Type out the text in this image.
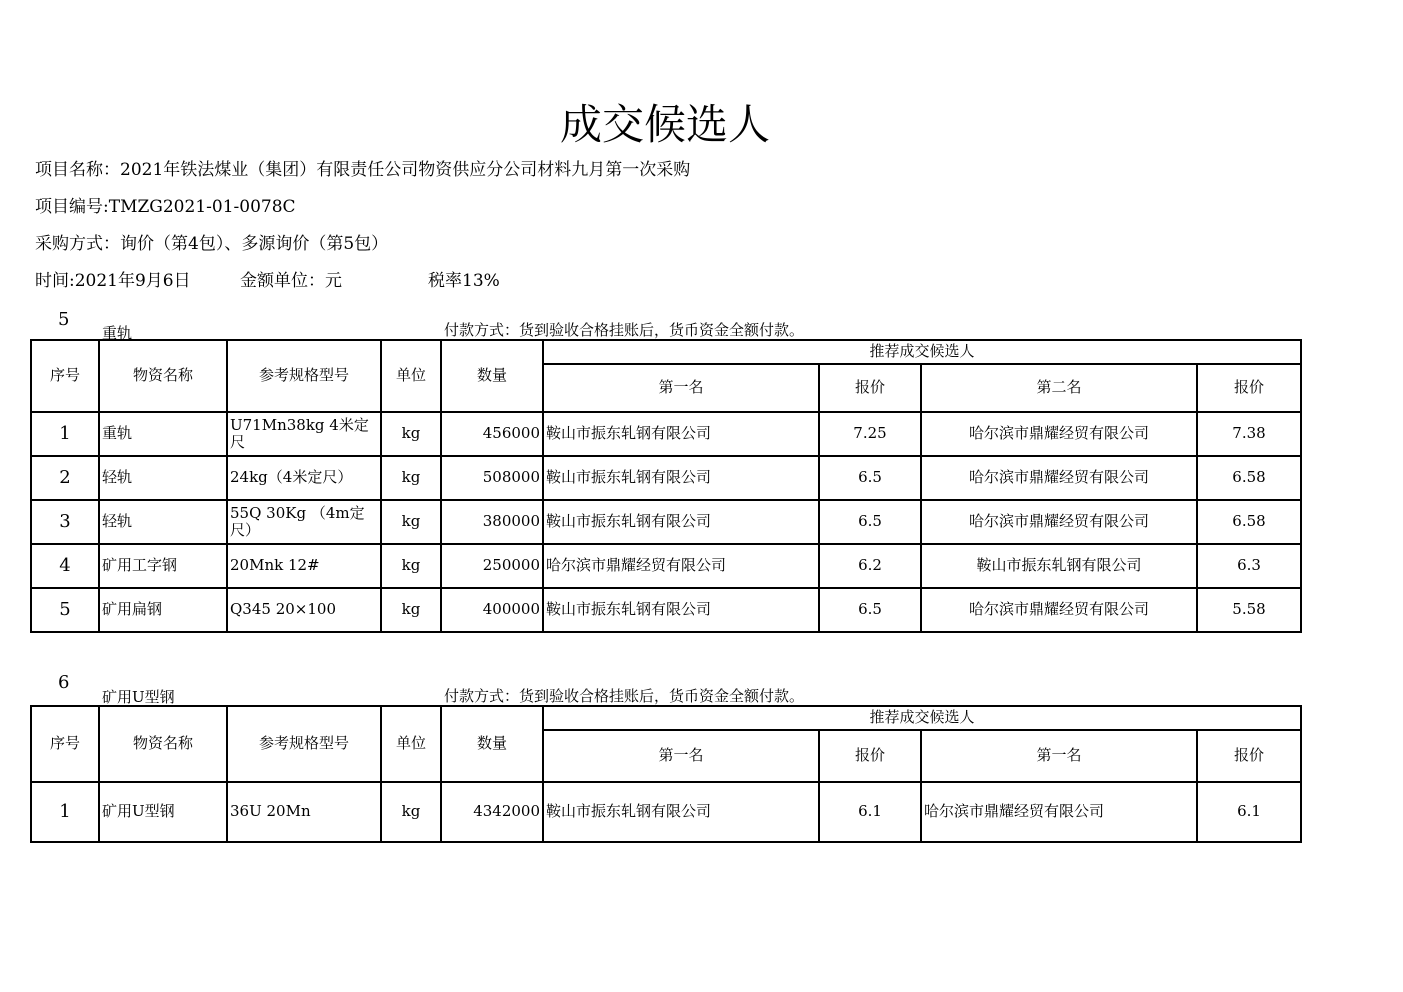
成交候选人
项目名称：2021年铁法煤业（集团）有限责任公司物资供应分公司材料九月第一次采购
项目编号:TMZG2021-01-0078C
采购方式：询价（第4包）、多源询价（第5包）
时间:2021年9月6日	金额单位：元	税率13%
5
重轨	付款方式：货到验收合格挂账后，货币资金全额付款。
序号	物资名称	参考规格型号	单位	数量	推荐成交候选人			
					第一名	报价	第二名	报价
1	重轨	U71Mn38kg 4米定尺	kg	456000	鞍山市振东轧钢有限公司	7.25	哈尔滨市鼎耀经贸有限公司	7.38
2	轻轨	24kg（4米定尺）	kg	508000	鞍山市振东轧钢有限公司	6.5	哈尔滨市鼎耀经贸有限公司	6.58
3	轻轨	55Q 30Kg （4m定尺）	kg	380000	鞍山市振东轧钢有限公司	6.5	哈尔滨市鼎耀经贸有限公司	6.58
4	矿用工字钢	20Mnk 12#	kg	250000	哈尔滨市鼎耀经贸有限公司	6.2	鞍山市振东轧钢有限公司	6.3
5	矿用扁钢	Q345 20×100	kg	400000	鞍山市振东轧钢有限公司	6.5	哈尔滨市鼎耀经贸有限公司	5.58
6
矿用U型钢	付款方式：货到验收合格挂账后，货币资金全额付款。
序号	物资名称	参考规格型号	单位	数量	推荐成交候选人			
					第一名	报价	第一名	报价
1	矿用U型钢	36U 20Mn	kg	4342000	鞍山市振东轧钢有限公司	6.1	哈尔滨市鼎耀经贸有限公司	6.1
